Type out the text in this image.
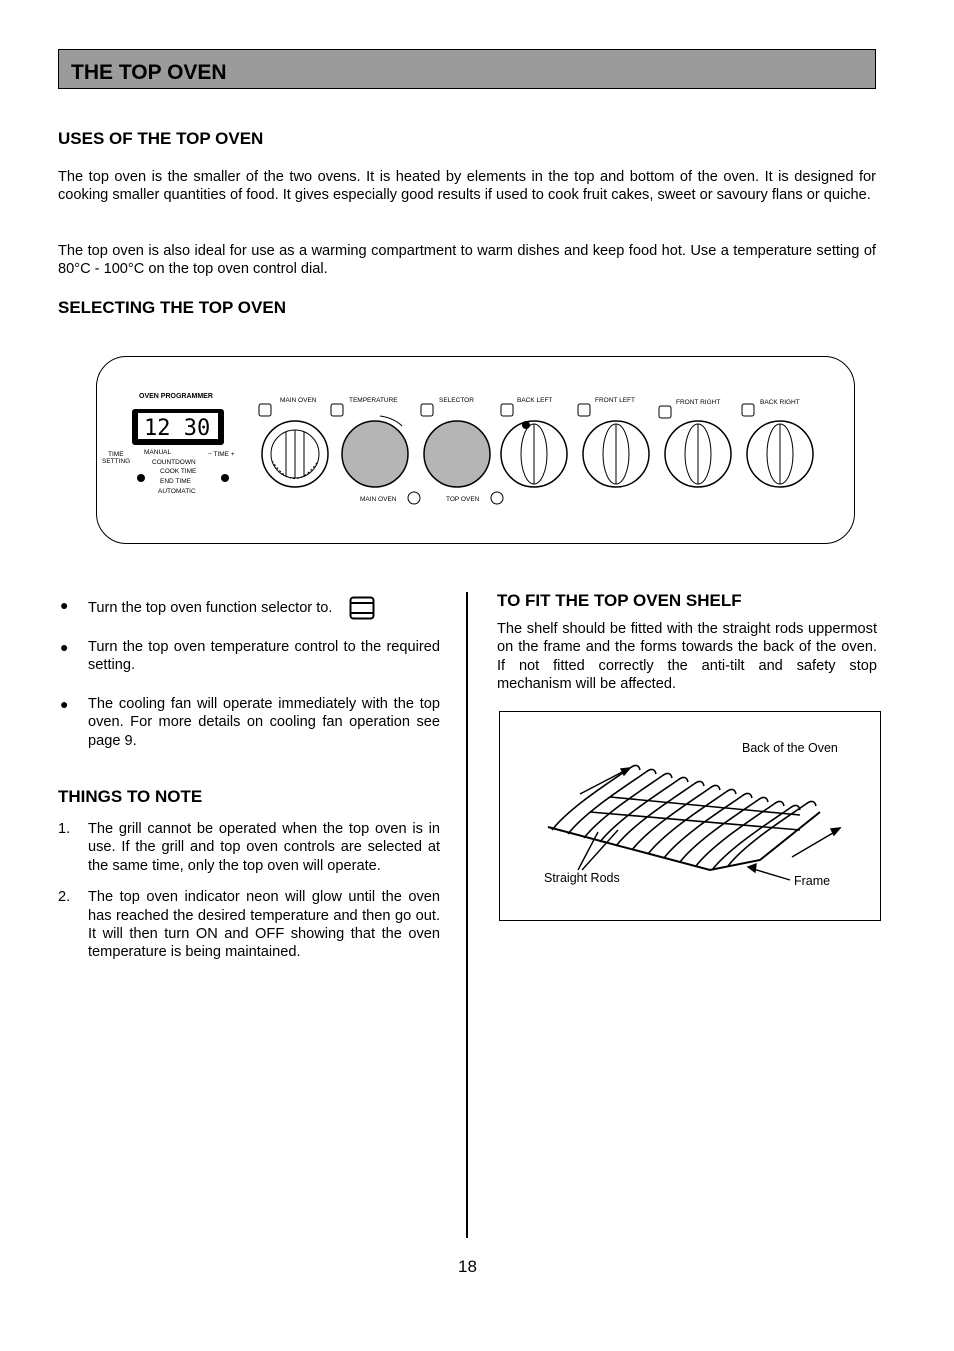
THE TOP OVEN
USES OF THE TOP OVEN

The top oven is the smaller of the two ovens. It is heated by elements in the top and bottom of the oven. It is designed for cooking smaller quantities of food. It gives especially good results if used to cook fruit cakes, sweet or savoury flans or quiche.

The top oven is also ideal for use as a warming compartment to warm dishes and keep food hot. Use a temperature setting of 80°C - 100°C on the top oven control dial.

SELECTING THE TOP OVEN
OVEN PROGRAMMER
12 30
TIME
SETTING
− TIME +
MANUAL
COUNTDOWN
COOK TIME
END TIME
AUTOMATIC
MAIN OVEN	TEMPERATURE	SELECTOR	BACK LEFT	FRONT LEFT	FRONT RIGHT	BACK RIGHT
MAIN OVEN	TOP OVEN
● Turn the top oven function selector to.
● Turn the top oven temperature control to the required setting.
● The cooling fan will operate immediately with the top oven. For more details on cooling fan operation see page 9.
THINGS TO NOTE
1. The grill cannot be operated when the top oven is in use. If the grill and top oven controls are selected at the same time, only the top oven will operate.
2. The top oven indicator neon will glow until the oven has reached the desired temperature and then go out. It will then turn ON and OFF showing that the oven temperature is being maintained.
TO FIT THE TOP OVEN SHELF

The shelf should be fitted with the straight rods uppermost on the frame and the forms towards the back of the oven. If not fitted correctly the anti-tilt and safety stop mechanism will be affected.

Back of the Oven
Straight Rods	Frame
18
